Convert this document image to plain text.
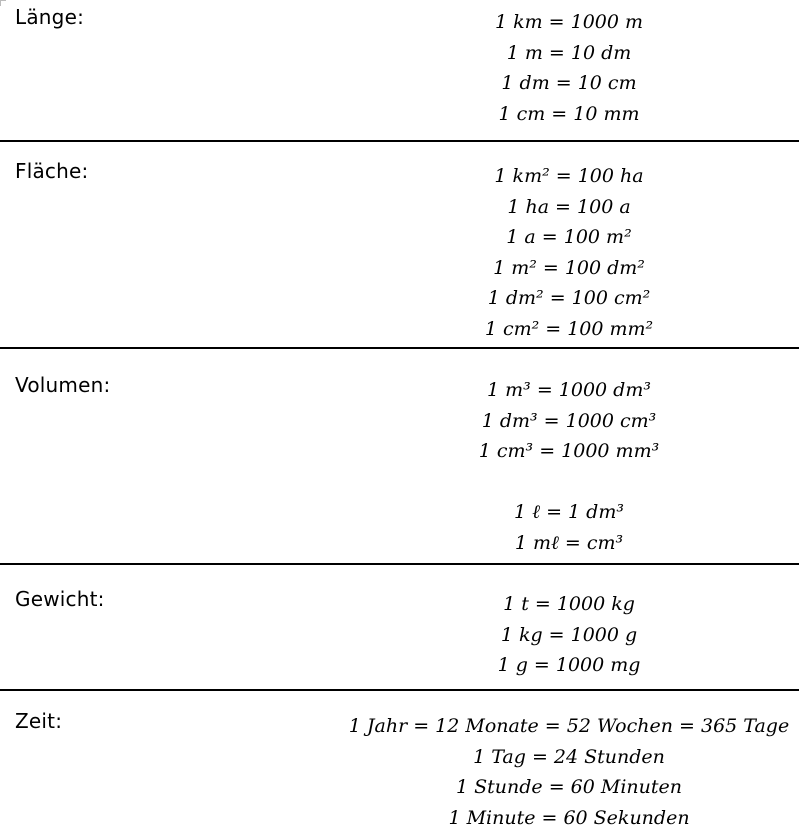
Länge:	1 km = 1000 m
1 m = 10 dm
1 dm = 10 cm
1 cm = 10 mm
Fläche:	1 km² = 100 ha
1 ha = 100 a
1 a = 100 m²
1 m² = 100 dm²
1 dm² = 100 cm²
1 cm² = 100 mm²
Volumen:	1 m³ = 1000 dm³
1 dm³ = 1000 cm³
1 cm³ = 1000 mm³
1 ℓ = 1 dm³
1 mℓ = cm³
Gewicht:	1 t = 1000 kg
1 kg = 1000 g
1 g = 1000 mg
Zeit:	1 Jahr = 12 Monate = 52 Wochen = 365 Tage
1 Tag = 24 Stunden
1 Stunde = 60 Minuten
1 Minute = 60 Sekunden
